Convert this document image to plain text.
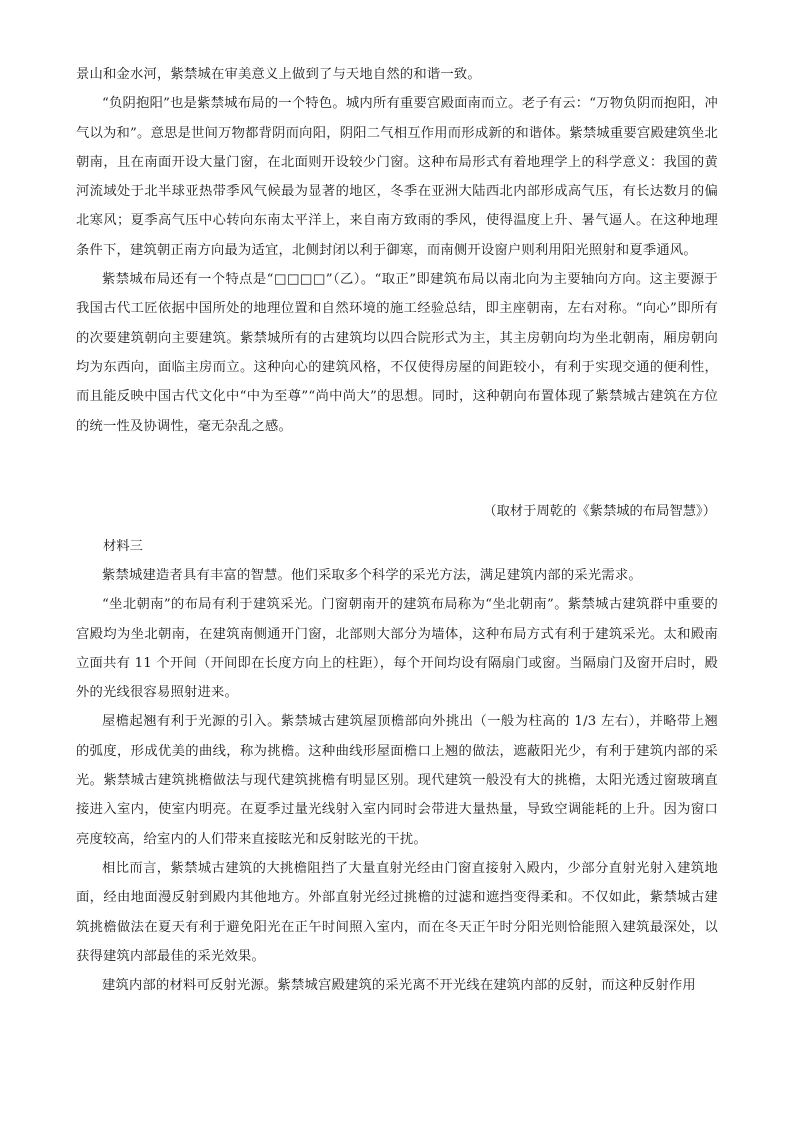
景山和金水河，紫禁城在审美意义上做到了与天地自然的和谐一致。

“负阴抱阳”也是紫禁城布局的一个特色。城内所有重要宫殿面南而立。老子有云：“万物负阴而抱阳，冲气以为和”。意思是世间万物都背阴而向阳，阴阳二气相互作用而形成新的和谐体。紫禁城重要宫殿建筑坐北朝南，且在南面开设大量门窗，在北面则开设较少门窗。这种布局形式有着地理学上的科学意义：我国的黄河流域处于北半球亚热带季风气候最为显著的地区，冬季在亚洲大陆西北内部形成高气压，有长达数月的偏北寒风；夏季高气压中心转向东南太平洋上，来自南方致雨的季风，使得温度上升、暑气逼人。在这种地理条件下，建筑朝正南方向最为适宜，北侧封闭以利于御寒，而南侧开设窗户则利用阳光照射和夏季通风。

紫禁城布局还有一个特点是“□□□□”（乙）。“取正”即建筑布局以南北向为主要轴向方向。这主要源于我国古代工匠依据中国所处的地理位置和自然环境的施工经验总结，即主座朝南，左右对称。“向心”即所有的次要建筑朝向主要建筑。紫禁城所有的古建筑均以四合院形式为主，其主房朝向均为坐北朝南，厢房朝向均为东西向，面临主房而立。这种向心的建筑风格，不仅使得房屋的间距较小，有利于实现交通的便利性，而且能反映中国古代文化中“中为至尊”“尚中尚大”的思想。同时，这种朝向布置体现了紫禁城古建筑在方位的统一性及协调性，毫无杂乱之感。

（取材于周乾的《紫禁城的布局智慧》）
材料三

紫禁城建造者具有丰富的智慧。他们采取多个科学的采光方法，满足建筑内部的采光需求。

“坐北朝南”的布局有利于建筑采光。门窗朝南开的建筑布局称为“坐北朝南”。紫禁城古建筑群中重要的宫殿均为坐北朝南，在建筑南侧通开门窗，北部则大部分为墙体，这种布局方式有利于建筑采光。太和殿南立面共有 11 个开间（开间即在长度方向上的柱距），每个开间均设有隔扇门或窗。当隔扇门及窗开启时，殿外的光线很容易照射进来。

屋檐起翘有利于光源的引入。紫禁城古建筑屋顶檐部向外挑出（一般为柱高的 1/3 左右），并略带上翘的弧度，形成优美的曲线，称为挑檐。这种曲线形屋面檐口上翘的做法，遮蔽阳光少，有利于建筑内部的采光。紫禁城古建筑挑檐做法与现代建筑挑檐有明显区别。现代建筑一般没有大的挑檐，太阳光透过窗玻璃直接进入室内，使室内明亮。在夏季过量光线射入室内同时会带进大量热量，导致空调能耗的上升。因为窗口亮度较高，给室内的人们带来直接眩光和反射眩光的干扰。

相比而言，紫禁城古建筑的大挑檐阻挡了大量直射光经由门窗直接射入殿内，少部分直射光射入建筑地面，经由地面漫反射到殿内其他地方。外部直射光经过挑檐的过滤和遮挡变得柔和。不仅如此，紫禁城古建筑挑檐做法在夏天有利于避免阳光在正午时间照入室内，而在冬天正午时分阳光则恰能照入建筑最深处，以获得建筑内部最佳的采光效果。

建筑内部的材料可反射光源。紫禁城宫殿建筑的采光离不开光线在建筑内部的反射，而这种反射作用
